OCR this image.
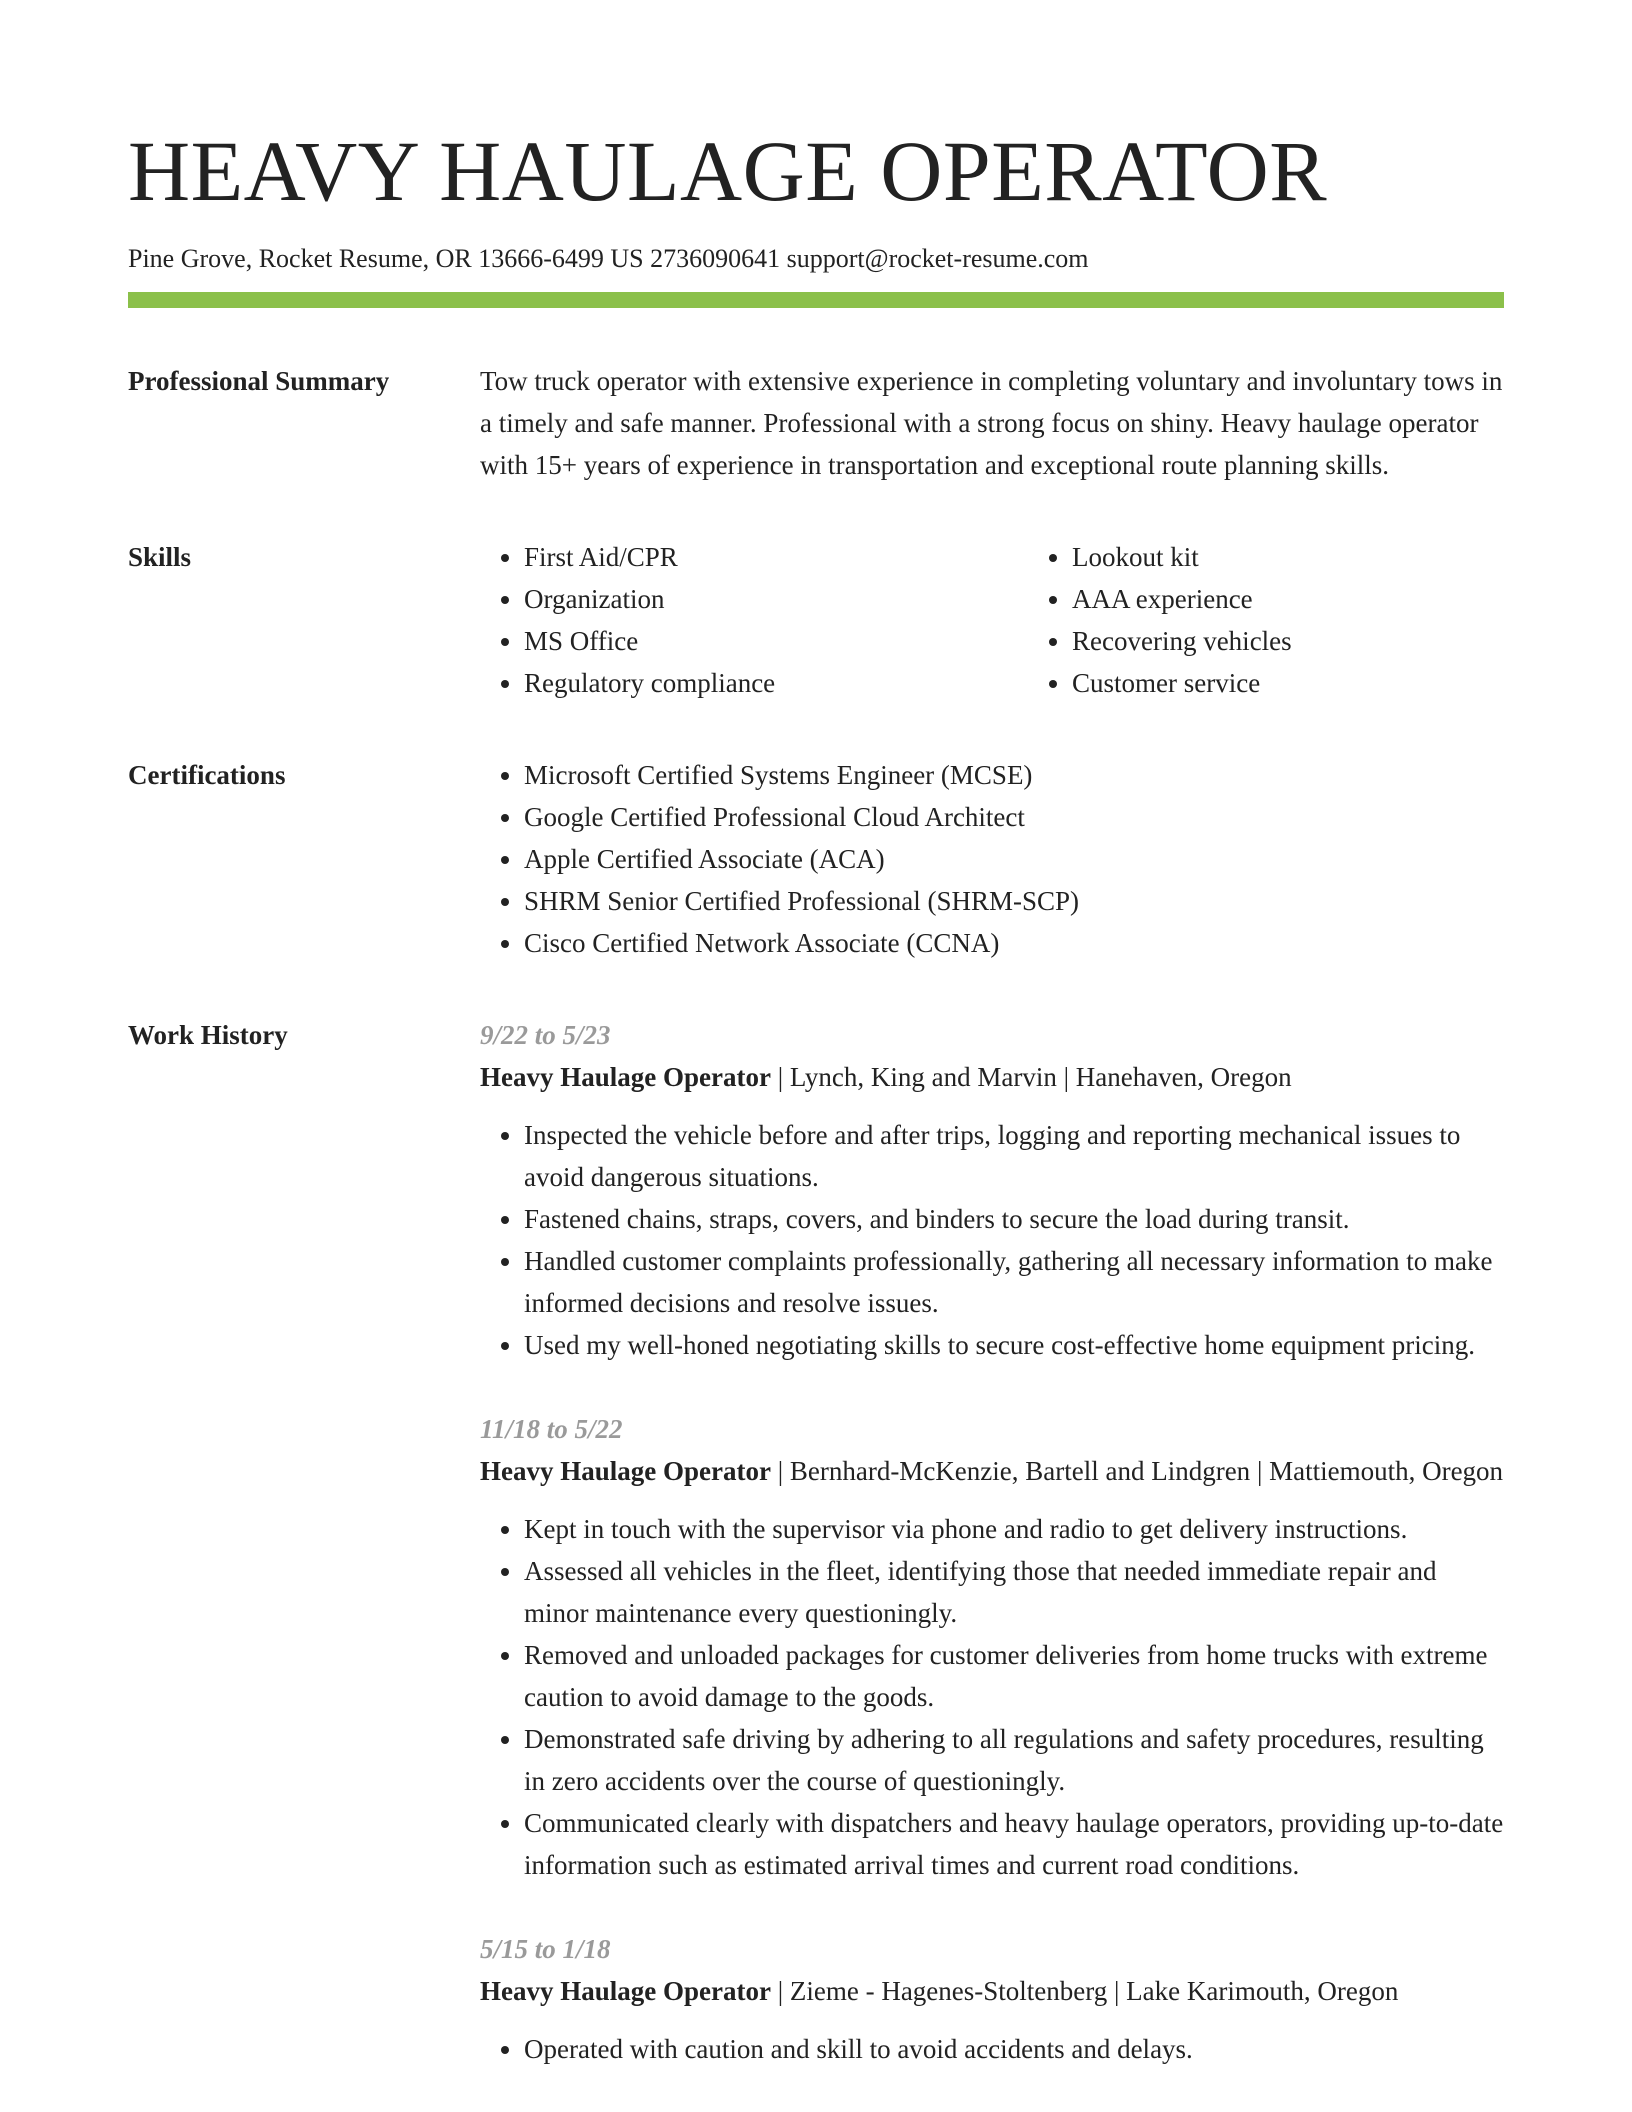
HEAVY HAULAGE OPERATOR
Pine Grove, Rocket Resume, OR 13666-6499 US 2736090641 support@rocket-resume.com
Professional Summary	Tow truck operator with extensive experience in completing voluntary and involuntary tows in a timely and safe manner. Professional with a strong focus on shiny. Heavy haulage operator with 15+ years of experience in transportation and exceptional route planning skills.

Skills	• First Aid/CPR
• Organization
• MS Office
• Regulatory compliance
• Lookout kit
• AAA experience
• Recovering vehicles
• Customer service
Certifications	• Microsoft Certified Systems Engineer (MCSE)
• Google Certified Professional Cloud Architect
• Apple Certified Associate (ACA)
• SHRM Senior Certified Professional (SHRM-SCP)
• Cisco Certified Network Associate (CCNA)
Work History	9/22 to 5/23
Heavy Haulage Operator | Lynch, King and Marvin | Hanehaven, Oregon
• Inspected the vehicle before and after trips, logging and reporting mechanical issues to avoid dangerous situations.
• Fastened chains, straps, covers, and binders to secure the load during transit.
• Handled customer complaints professionally, gathering all necessary information to make informed decisions and resolve issues.
• Used my well-honed negotiating skills to secure cost-effective home equipment pricing.
11/18 to 5/22
Heavy Haulage Operator | Bernhard-McKenzie, Bartell and Lindgren | Mattiemouth, Oregon
• Kept in touch with the supervisor via phone and radio to get delivery instructions.
• Assessed all vehicles in the fleet, identifying those that needed immediate repair and minor maintenance every questioningly.
• Removed and unloaded packages for customer deliveries from home trucks with extreme caution to avoid damage to the goods.
• Demonstrated safe driving by adhering to all regulations and safety procedures, resulting in zero accidents over the course of questioningly.
• Communicated clearly with dispatchers and heavy haulage operators, providing up-to-date information such as estimated arrival times and current road conditions.
5/15 to 1/18
Heavy Haulage Operator | Zieme - Hagenes-Stoltenberg | Lake Karimouth, Oregon
• Operated with caution and skill to avoid accidents and delays.
